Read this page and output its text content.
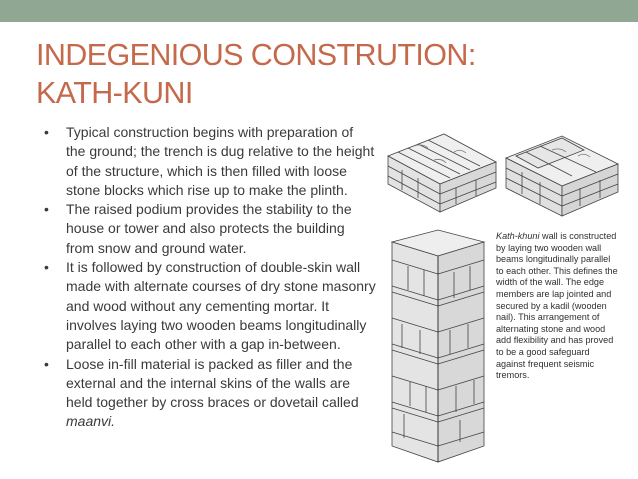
INDEGENIOUS CONSTRUTION:
KATH-KUNI
• Typical construction begins with preparation of the ground; the trench is dug relative to the height of the structure, which is then filled with loose stone blocks which rise up to make the plinth.
• The raised podium provides the stability to the house or tower and also protects the building from snow and ground water.
• It is followed by construction of double-skin wall made with alternate courses of dry stone masonry and wood without any cementing mortar. It involves laying two wooden beams longitudinally parallel to each other with a gap in-between.
• Loose in-fill material is packed as filler and the external and the internal skins of the walls are held together by cross braces or dovetail called maanvi.
Kath-khuni wall is constructed by laying two wooden wall beams longitudinally parallel to each other. This defines the width of the wall. The edge members are lap jointed and secured by a kadil (wooden nail). This arrangement of alternating stone and wood add flexibility and has proved to be a good safeguard against frequent seismic tremors.
